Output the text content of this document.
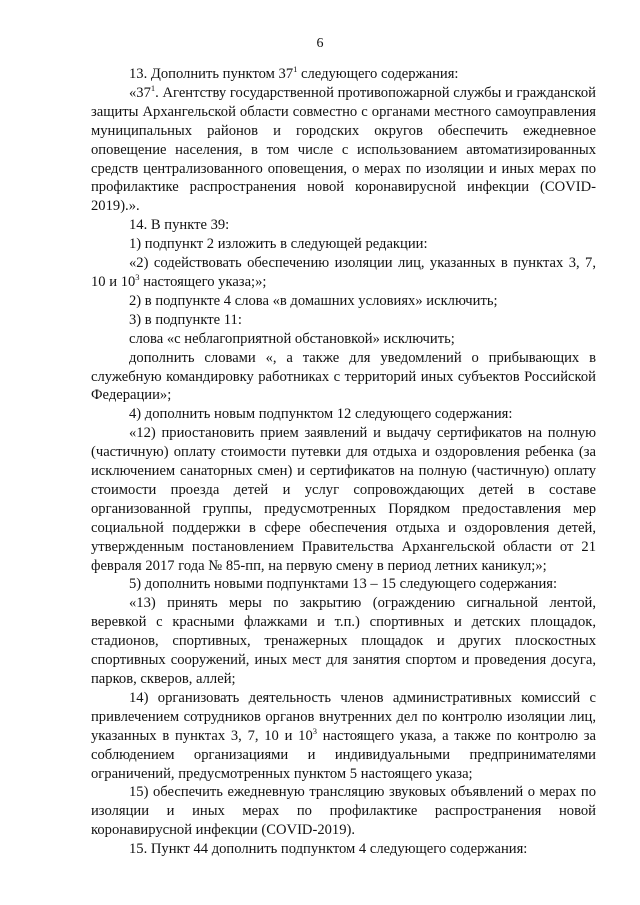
6

13. Дополнить пунктом $37^1$ следующего содержания:

«$37^1$. Агентству государственной противопожарной службы и гражданской защиты Архангельской области совместно с органами местного самоуправления муниципальных районов и городских округов обеспечить ежедневное оповещение населения, в том числе с использованием автоматизированных средств централизованного оповещения, о мерах по изоляции и иных мерах по профилактике распространения новой коронавирусной инфекции (COVID-2019).».

14. В пункте 39:

1) подпункт 2 изложить в следующей редакции:

«2) содействовать обеспечению изоляции лиц, указанных в пунктах 3, 7, 10 и $10^3$ настоящего указа;»;

2) в подпункте 4 слова «в домашних условиях» исключить;

3) в подпункте 11:

слова «с неблагоприятной обстановкой» исключить;

дополнить словами «, а также для уведомлений о прибывающих в служебную командировку работниках с территорий иных субъектов Российской Федерации»;

4) дополнить новым подпунктом 12 следующего содержания:

«12) приостановить прием заявлений и выдачу сертификатов на полную (частичную) оплату стоимости путевки для отдыха и оздоровления ребенка (за исключением санаторных смен) и сертификатов на полную (частичную) оплату стоимости проезда детей и услуг сопровождающих детей в составе организованной группы, предусмотренных Порядком предоставления мер социальной поддержки в сфере обеспечения отдыха и оздоровления детей, утвержденным постановлением Правительства Архангельской области от 21 февраля 2017 года № 85-пп, на первую смену в период летних каникул;»;

5) дополнить новыми подпунктами 13 – 15 следующего содержания:

«13) принять меры по закрытию (ограждению сигнальной лентой, веревкой с красными флажками и т.п.) спортивных и детских площадок, стадионов, спортивных, тренажерных площадок и других плоскостных спортивных сооружений, иных мест для занятия спортом и проведения досуга, парков, скверов, аллей;

14) организовать деятельность членов административных комиссий с привлечением сотрудников органов внутренних дел по контролю изоляции лиц, указанных в пунктах 3, 7, 10 и $10^3$ настоящего указа, а также по контролю за соблюдением организациями и индивидуальными предпринимателями ограничений, предусмотренных пунктом 5 настоящего указа;

15) обеспечить ежедневную трансляцию звуковых объявлений о мерах по изоляции и иных мерах по профилактике распространения новой коронавирусной инфекции (COVID-2019).

15. Пункт 44 дополнить подпунктом 4 следующего содержания:
